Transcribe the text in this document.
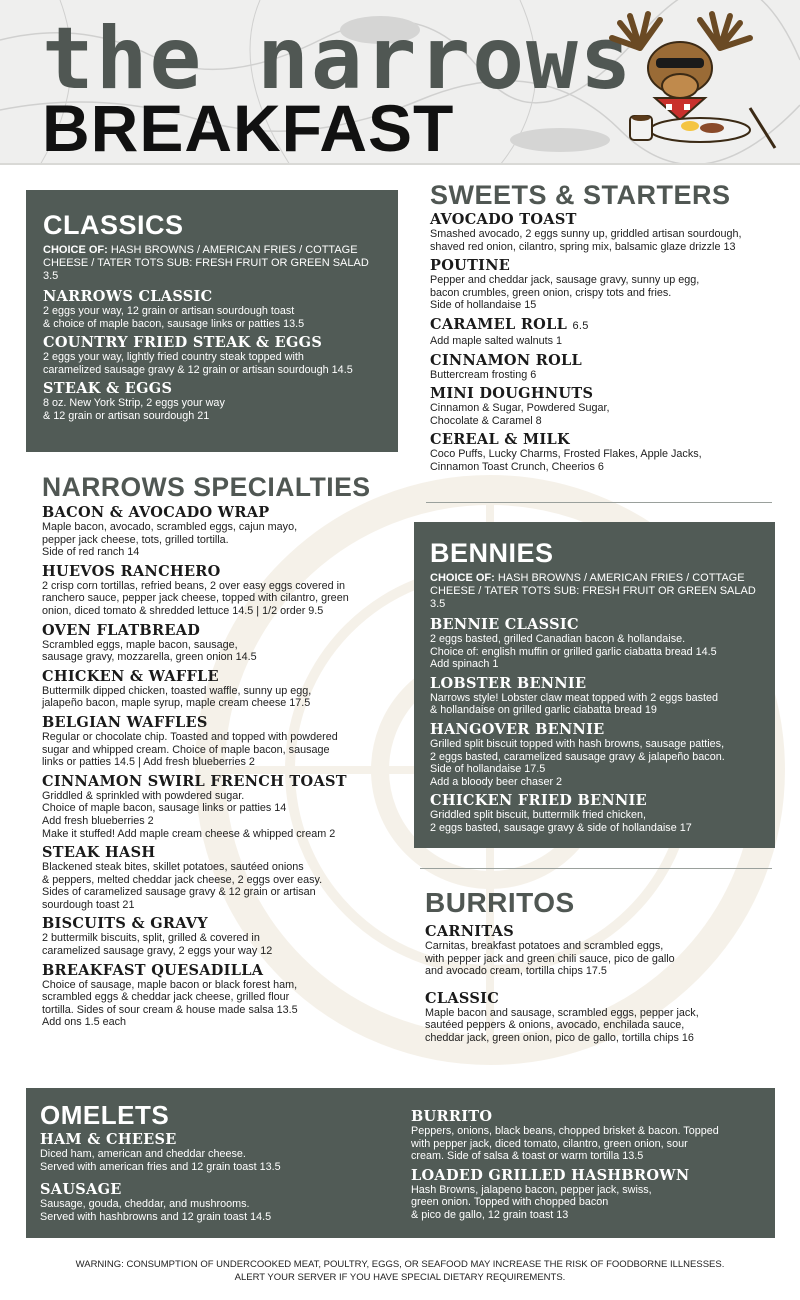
the narrows
BREAKFAST
CLASSICS
CHOICE OF: HASH BROWNS / AMERICAN FRIES / COTTAGE CHEESE / TATER TOTS SUB: FRESH FRUIT OR GREEN SALAD 3.5
NARROWS CLASSIC
2 eggs your way, 12 grain or artisan sourdough toast
& choice of maple bacon, sausage links or patties 13.5
COUNTRY FRIED STEAK & EGGS
2 eggs your way, lightly fried country steak topped with
caramelized sausage gravy & 12 grain or artisan sourdough 14.5
STEAK & EGGS
8 oz. New York Strip, 2 eggs your way
& 12 grain or artisan sourdough 21
SWEETS & STARTERS
AVOCADO TOAST
Smashed avocado, 2 eggs sunny up, griddled artisan sourdough,
shaved red onion, cilantro, spring mix, balsamic glaze drizzle 13
POUTINE
Pepper and cheddar jack, sausage gravy, sunny up egg,
bacon crumbles, green onion, crispy tots and fries.
Side of hollandaise 15
CARAMEL ROLL 6.5
Add maple salted walnuts 1
CINNAMON ROLL
Buttercream frosting 6
MINI DOUGHNUTS
Cinnamon & Sugar, Powdered Sugar,
Chocolate & Caramel 8
CEREAL & MILK
Coco Puffs, Lucky Charms, Frosted Flakes, Apple Jacks,
Cinnamon Toast Crunch, Cheerios 6
NARROWS SPECIALTIES
BACON & AVOCADO WRAP
Maple bacon, avocado, scrambled eggs, cajun mayo,
pepper jack cheese, tots, grilled tortilla.
Side of red ranch 14
HUEVOS RANCHERO
2 crisp corn tortillas, refried beans, 2 over easy eggs covered in
ranchero sauce, pepper jack cheese, topped with cilantro, green
onion, diced tomato & shredded lettuce 14.5 | 1/2 order 9.5
OVEN FLATBREAD
Scrambled eggs, maple bacon, sausage,
sausage gravy, mozzarella, green onion 14.5
CHICKEN & WAFFLE
Buttermilk dipped chicken, toasted waffle, sunny up egg,
jalapeño bacon, maple syrup, maple cream cheese 17.5
BELGIAN WAFFLES
Regular or chocolate chip. Toasted and topped with powdered
sugar and whipped cream. Choice of maple bacon, sausage
links or patties 14.5 | Add fresh blueberries 2
CINNAMON SWIRL FRENCH TOAST
Griddled & sprinkled with powdered sugar.
Choice of maple bacon, sausage links or patties 14
Add fresh blueberries 2
Make it stuffed! Add maple cream cheese & whipped cream 2
STEAK HASH
Blackened steak bites, skillet potatoes, sautéed onions
& peppers, melted cheddar jack cheese, 2 eggs over easy.
Sides of caramelized sausage gravy & 12 grain or artisan
sourdough toast 21
BISCUITS & GRAVY
2 buttermilk biscuits, split, grilled & covered in
caramelized sausage gravy, 2 eggs your way 12
BREAKFAST QUESADILLA
Choice of sausage, maple bacon or black forest ham,
scrambled eggs & cheddar jack cheese, grilled flour
tortilla. Sides of sour cream & house made salsa 13.5
Add ons 1.5 each
BENNIES
CHOICE OF: HASH BROWNS / AMERICAN FRIES / COTTAGE CHEESE / TATER TOTS SUB: FRESH FRUIT OR GREEN SALAD 3.5
BENNIE CLASSIC
2 eggs basted, grilled Canadian bacon & hollandaise.
Choice of: english muffin or grilled garlic ciabatta bread 14.5
Add spinach 1
LOBSTER BENNIE
Narrows style! Lobster claw meat topped with 2 eggs basted
& hollandaise on grilled garlic ciabatta bread 19
HANGOVER BENNIE
Grilled split biscuit topped with hash browns, sausage patties,
2 eggs basted, caramelized sausage gravy & jalapeño bacon.
Side of hollandaise 17.5
Add a bloody beer chaser 2
CHICKEN FRIED BENNIE
Griddled split biscuit, buttermilk fried chicken,
2 eggs basted, sausage gravy & side of hollandaise 17
BURRITOS
CARNITAS
Carnitas, breakfast potatoes and scrambled eggs,
with pepper jack and green chili sauce, pico de gallo
and avocado cream, tortilla chips 17.5
CLASSIC
Maple bacon and sausage, scrambled eggs, pepper jack,
sautéed peppers & onions, avocado, enchilada sauce,
cheddar jack, green onion, pico de gallo, tortilla chips 16
OMELETS
HAM & CHEESE
Diced ham, american and cheddar cheese.
Served with american fries and 12 grain toast 13.5
SAUSAGE
Sausage, gouda, cheddar, and mushrooms.
Served with hashbrowns and 12 grain toast 14.5
BURRITO
Peppers, onions, black beans, chopped brisket & bacon. Topped
with pepper jack, diced tomato, cilantro, green onion, sour
cream. Side of salsa & toast or warm tortilla 13.5
LOADED GRILLED HASHBROWN
Hash Browns, jalapeno bacon, pepper jack, swiss,
green onion. Topped with chopped bacon
& pico de gallo, 12 grain toast 13
WARNING: CONSUMPTION OF UNDERCOOKED MEAT, POULTRY, EGGS, OR SEAFOOD MAY INCREASE THE RISK OF FOODBORNE ILLNESSES.
ALERT YOUR SERVER IF YOU HAVE SPECIAL DIETARY REQUIREMENTS.
